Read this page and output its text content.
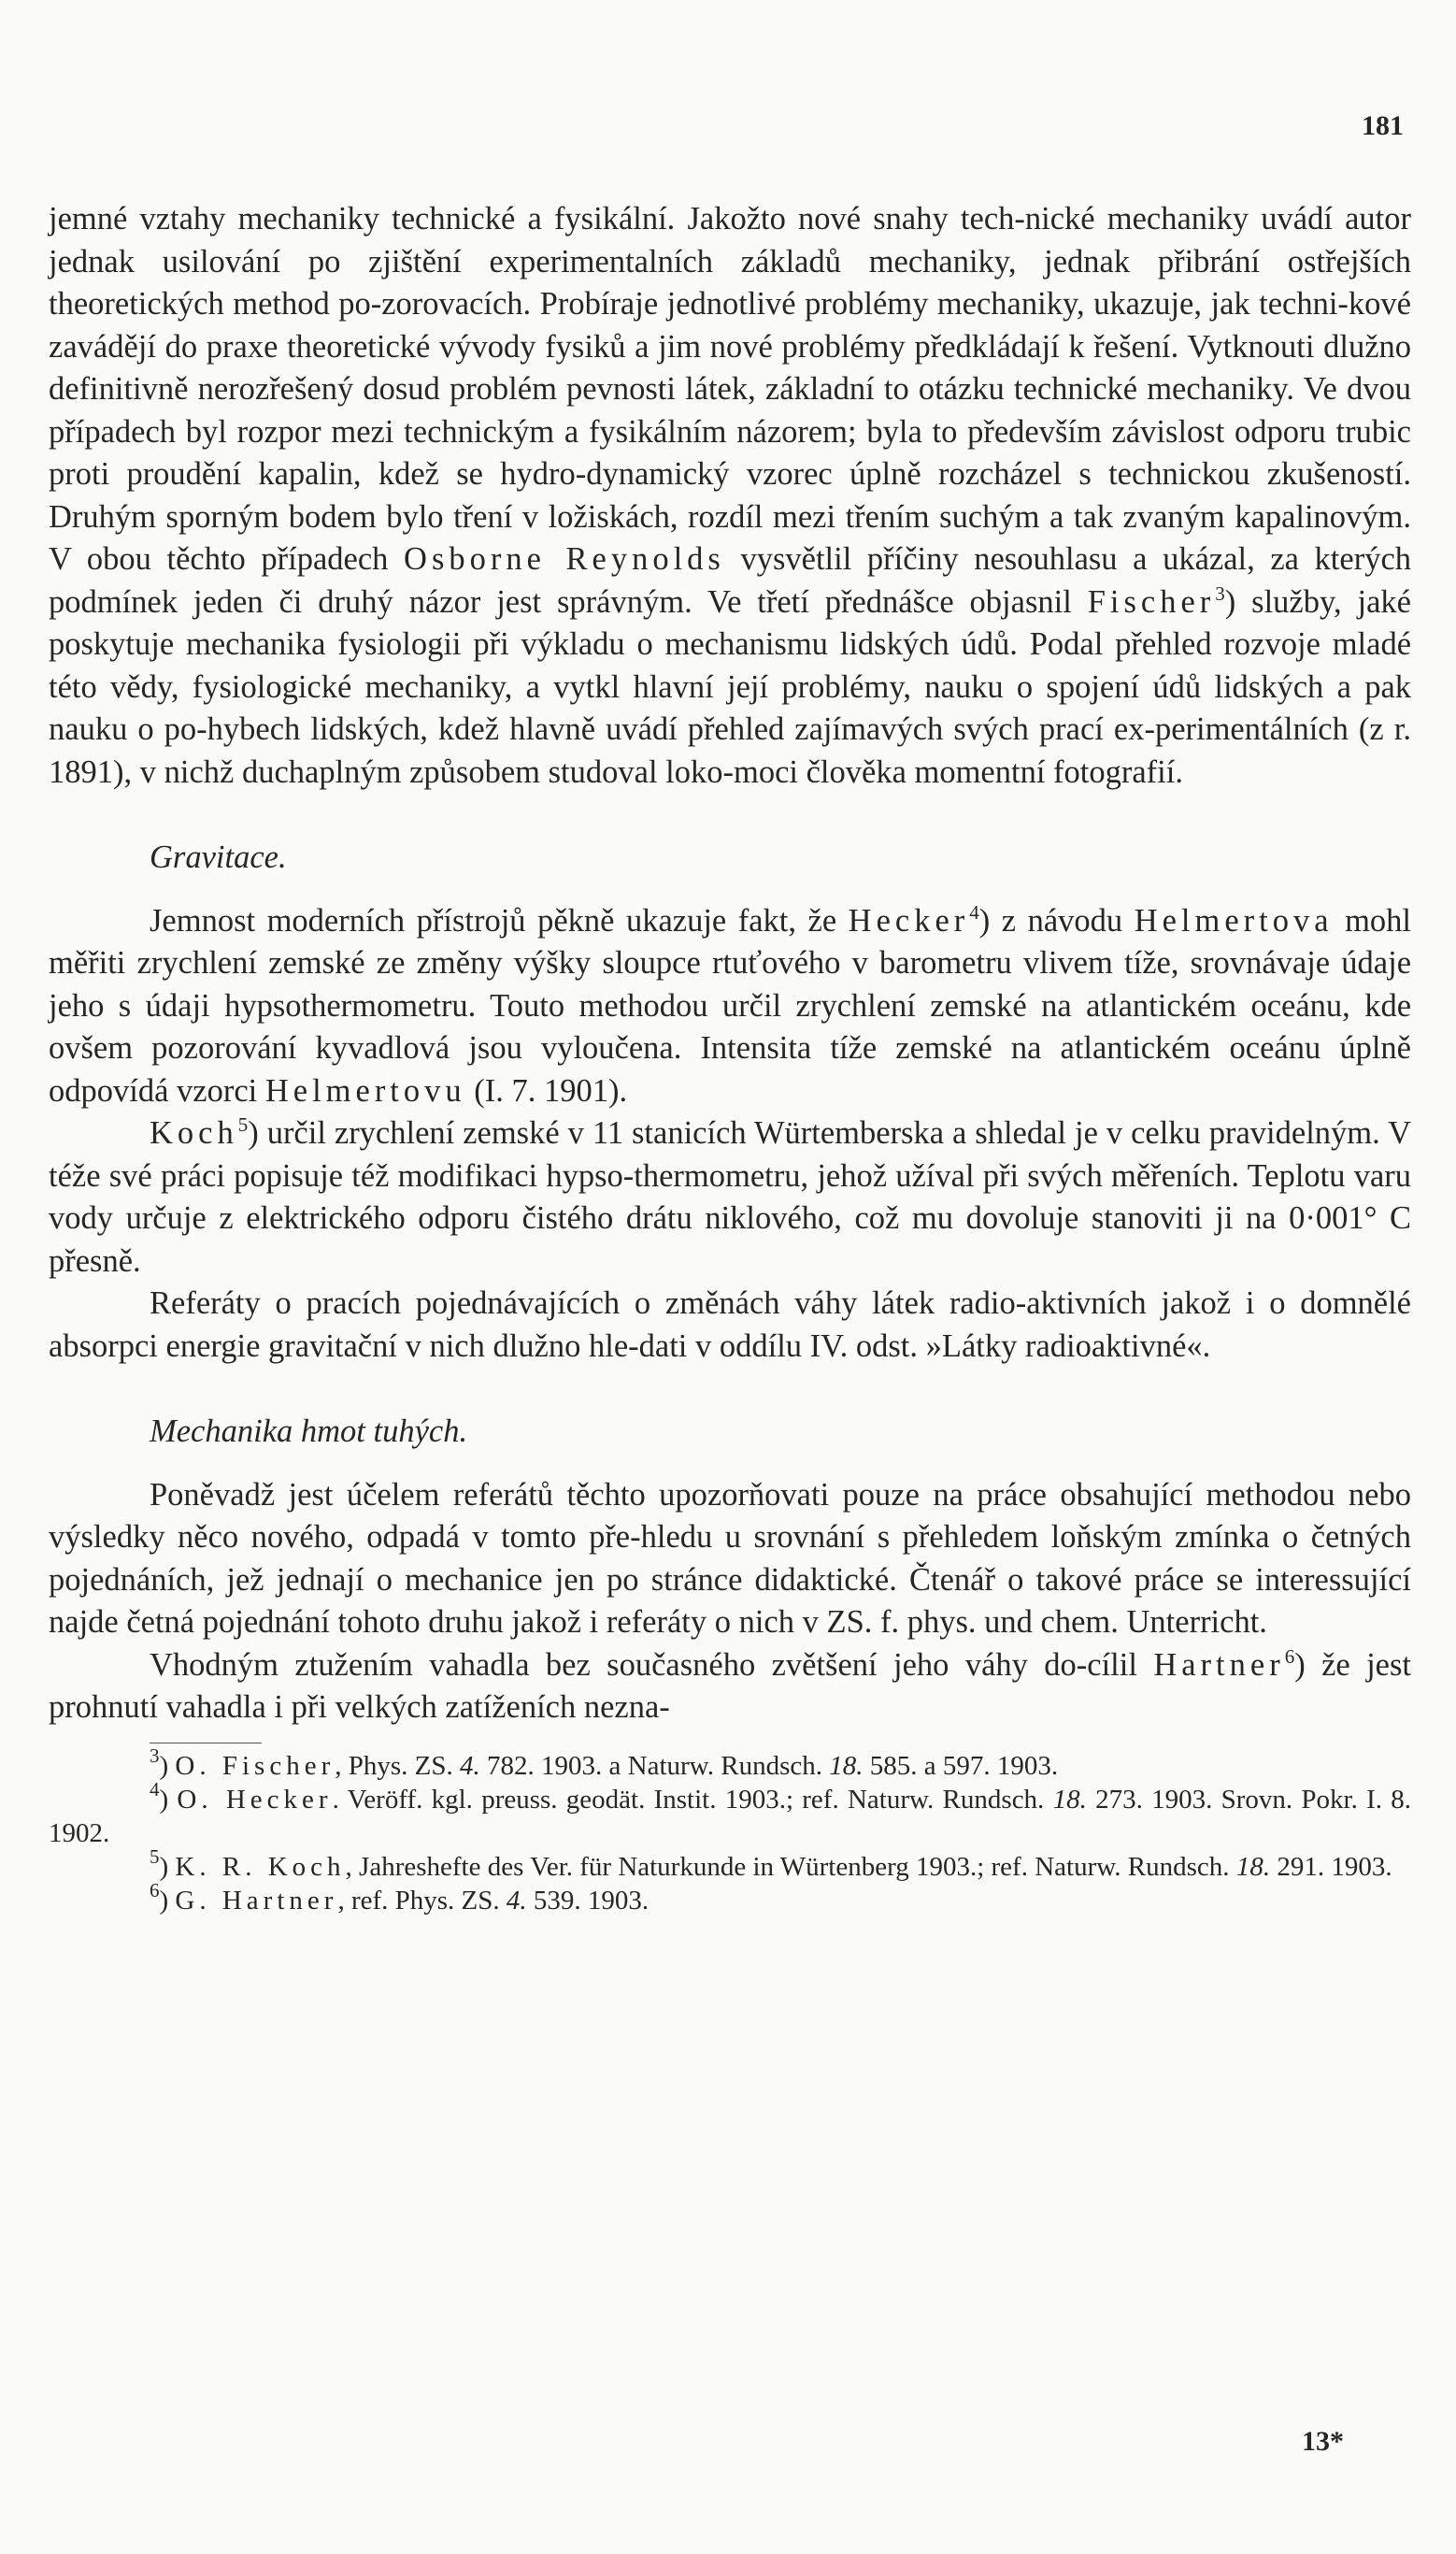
181

jemné vztahy mechaniky technické a fysikální. Jakožto nové snahy tech-nické mechaniky uvádí autor jednak usilování po zjištění experimentalních základů mechaniky, jednak přibrání ostřejších theoretických method po-zorovacích. Probíraje jednotlivé problémy mechaniky, ukazuje, jak techni-kové zavádějí do praxe theoretické vývody fysiků a jim nové problémy předkládají k řešení. Vytknouti dlužno definitivně nerozřešený dosud problém pevnosti látek, základní to otázku technické mechaniky. Ve dvou případech byl rozpor mezi technickým a fysikálním názorem; byla to především závislost odporu trubic proti proudění kapalin, kdež se hydro-dynamický vzorec úplně rozcházel s technickou zkušeností. Druhým sporným bodem bylo tření v ložiskách, rozdíl mezi třením suchým a tak zvaným kapalinovým. V obou těchto případech Osborne Reynolds vysvětlil příčiny nesouhlasu a ukázal, za kterých podmínek jeden či druhý názor jest správným. Ve třetí přednášce objasnil Fischer$^3$) služby, jaké poskytuje mechanika fysiologii při výkladu o mechanismu lidských údů. Podal přehled rozvoje mladé této vědy, fysiologické mechaniky, a vytkl hlavní její problémy, nauku o spojení údů lidských a pak nauku o po-hybech lidských, kdež hlavně uvádí přehled zajímavých svých prací ex-perimentálních (z r. 1891), v nichž duchaplným způsobem studoval loko-moci člověka momentní fotografií.

Gravitace.

Jemnost moderních přístrojů pěkně ukazuje fakt, že Hecker$^4$) z návodu Helmertova mohl měřiti zrychlení zemské ze změny výšky sloupce rtuťového v barometru vlivem tíže, srovnávaje údaje jeho s údaji hypsothermometru. Touto methodou určil zrychlení zemské na atlantickém oceánu, kde ovšem pozorování kyvadlová jsou vyloučena. Intensita tíže zemské na atlantickém oceánu úplně odpovídá vzorci Helmertovu (I. 7. 1901).

Koch$^5$) určil zrychlení zemské v 11 stanicích Würtemberska a shledal je v celku pravidelným. V téže své práci popisuje též modifikaci hypso-thermometru, jehož užíval při svých měřeních. Teplotu varu vody určuje z elektrického odporu čistého drátu niklového, což mu dovoluje stanoviti ji na 0·001° C přesně.

Referáty o pracích pojednávajících o změnách váhy látek radio-aktivních jakož i o domnělé absorpci energie gravitační v nich dlužno hle-dati v oddílu IV. odst. »Látky radioaktivné«.

Mechanika hmot tuhých.

Poněvadž jest účelem referátů těchto upozorňovati pouze na práce obsahující methodou nebo výsledky něco nového, odpadá v tomto pře-hledu u srovnání s přehledem loňským zmínka o četných pojednáních, jež jednají o mechanice jen po stránce didaktické. Čtenář o takové práce se interessující najde četná pojednání tohoto druhu jakož i referáty o nich v ZS. f. phys. und chem. Unterricht.

Vhodným ztužením vahadla bez současného zvětšení jeho váhy do-cílil Hartner$^6$) že jest prohnutí vahadla i při velkých zatíženích nezna-

$^3$) O. Fischer, Phys. ZS. 4. 782. 1903. a Naturw. Rundsch. 18. 585. a 597. 1903.

$^4$) O. Hecker. Veröff. kgl. preuss. geodät. Instit. 1903.; ref. Naturw. Rundsch. 18. 273. 1903. Srovn. Pokr. I. 8. 1902.

$^5$) K. R. Koch, Jahreshefte des Ver. für Naturkunde in Würtenberg 1903.; ref. Naturw. Rundsch. 18. 291. 1903.

$^6$) G. Hartner, ref. Phys. ZS. 4. 539. 1903.

13*
